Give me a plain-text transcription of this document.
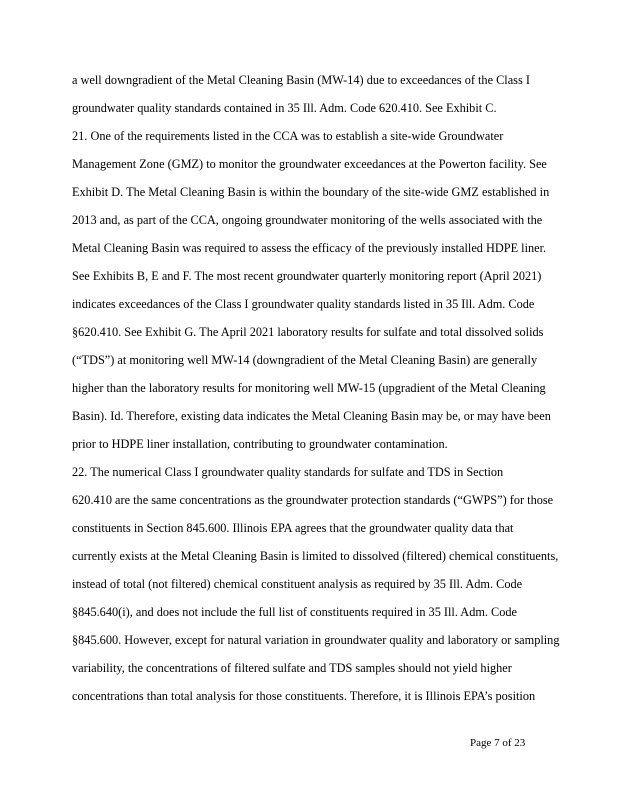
a well downgradient of the Metal Cleaning Basin (MW-14) due to exceedances of the Class I
groundwater quality standards contained in 35 Ill. Adm. Code 620.410. See Exhibit C.
21. One of the requirements listed in the CCA was to establish a site-wide Groundwater
Management Zone (GMZ) to monitor the groundwater exceedances at the Powerton facility. See
Exhibit D. The Metal Cleaning Basin is within the boundary of the site-wide GMZ established in
2013 and, as part of the CCA, ongoing groundwater monitoring of the wells associated with the
Metal Cleaning Basin was required to assess the efficacy of the previously installed HDPE liner.
See Exhibits B, E and F. The most recent groundwater quarterly monitoring report (April 2021)
indicates exceedances of the Class I groundwater quality standards listed in 35 Ill. Adm. Code
§620.410. See Exhibit G. The April 2021 laboratory results for sulfate and total dissolved solids
(“TDS”) at monitoring well MW-14 (downgradient of the Metal Cleaning Basin) are generally
higher than the laboratory results for monitoring well MW-15 (upgradient of the Metal Cleaning
Basin). Id. Therefore, existing data indicates the Metal Cleaning Basin may be, or may have been
prior to HDPE liner installation, contributing to groundwater contamination.
22. The numerical Class I groundwater quality standards for sulfate and TDS in Section
620.410 are the same concentrations as the groundwater protection standards (“GWPS”) for those
constituents in Section 845.600. Illinois EPA agrees that the groundwater quality data that
currently exists at the Metal Cleaning Basin is limited to dissolved (filtered) chemical constituents,
instead of total (not filtered) chemical constituent analysis as required by 35 Ill. Adm. Code
§845.640(i), and does not include the full list of constituents required in 35 Ill. Adm. Code
§845.600. However, except for natural variation in groundwater quality and laboratory or sampling
variability, the concentrations of filtered sulfate and TDS samples should not yield higher
concentrations than total analysis for those constituents. Therefore, it is Illinois EPA’s position
Page 7 of 23
